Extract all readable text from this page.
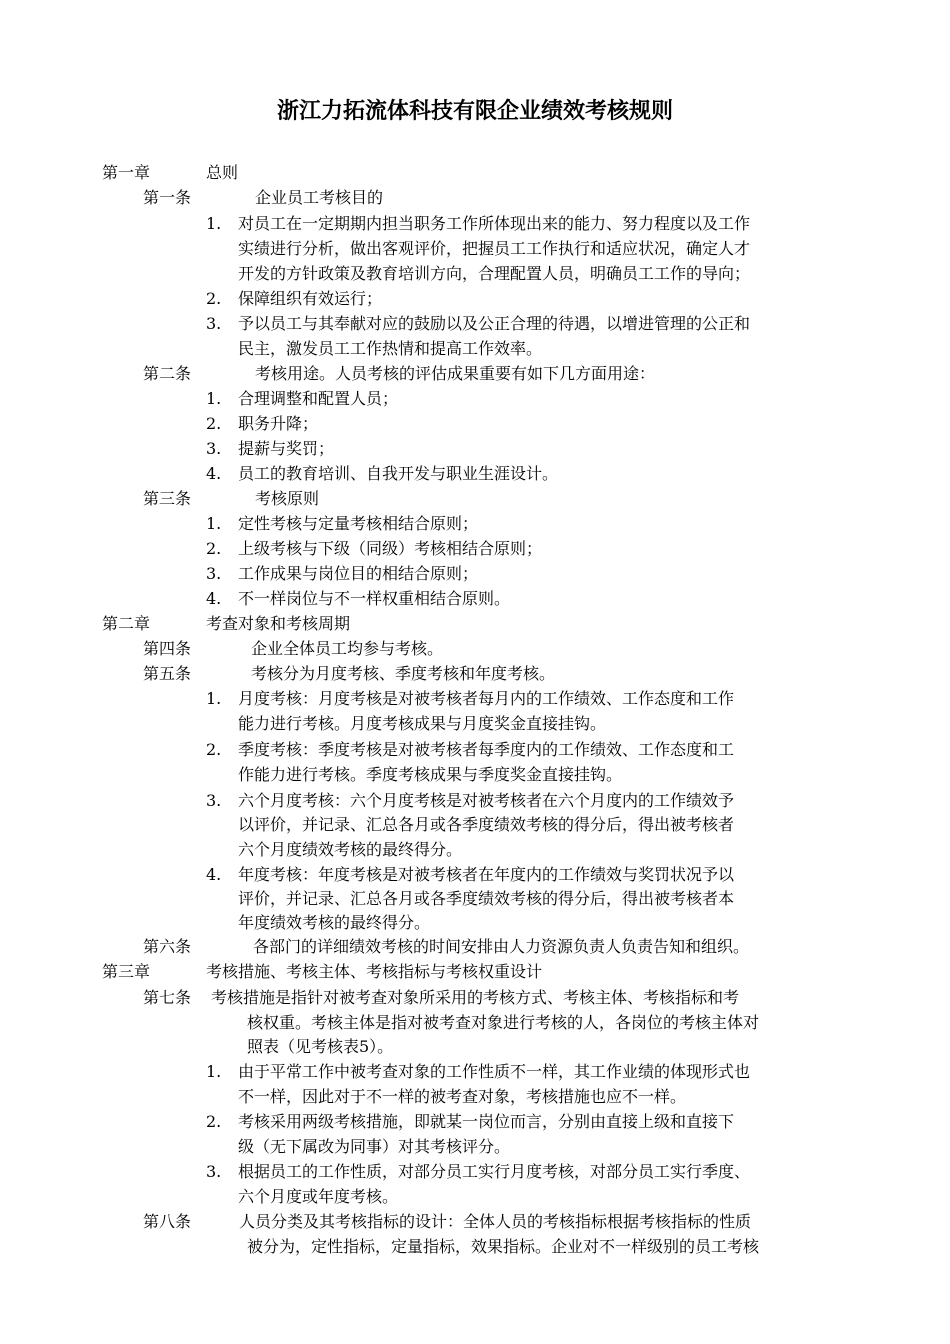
浙江力拓流体科技有限企业绩效考核规则
第一章	总则
第一条	企业员工考核目的
1. 对员工在一定期期内担当职务工作所体现出来的能力、努力程度以及工作
实绩进行分析，做出客观评价，把握员工工作执行和适应状况，确定人才
开发的方针政策及教育培训方向，合理配置人员，明确员工工作的导向；
2. 保障组织有效运行；
3. 予以员工与其奉献对应的鼓励以及公正合理的待遇，以增进管理的公正和
民主，激发员工工作热情和提高工作效率。
第二条	考核用途。人员考核的评估成果重要有如下几方面用途：
1. 合理调整和配置人员；
2. 职务升降；
3. 提薪与奖罚；
4. 员工的教育培训、自我开发与职业生涯设计。
第三条	考核原则
1. 定性考核与定量考核相结合原则；
2. 上级考核与下级（同级）考核相结合原则；
3. 工作成果与岗位目的相结合原则；
4. 不一样岗位与不一样权重相结合原则。
第二章	考查对象和考核周期
第四条	企业全体员工均参与考核。
第五条	考核分为月度考核、季度考核和年度考核。
1. 月度考核：月度考核是对被考核者每月内的工作绩效、工作态度和工作
能力进行考核。月度考核成果与月度奖金直接挂钩。
2. 季度考核：季度考核是对被考核者每季度内的工作绩效、工作态度和工
作能力进行考核。季度考核成果与季度奖金直接挂钩。
3. 六个月度考核：六个月度考核是对被考核者在六个月度内的工作绩效予
以评价，并记录、汇总各月或各季度绩效考核的得分后，得出被考核者
六个月度绩效考核的最终得分。
4. 年度考核：年度考核是对被考核者在年度内的工作绩效与奖罚状况予以
评价，并记录、汇总各月或各季度绩效考核的得分后，得出被考核者本
年度绩效考核的最终得分。
第六条	各部门的详细绩效考核的时间安排由人力资源负责人负责告知和组织。
第三章	考核措施、考核主体、考核指标与考核权重设计
第七条 考核措施是指针对被考查对象所采用的考核方式、考核主体、考核指标和考
核权重。考核主体是指对被考查对象进行考核的人，各岗位的考核主体对
照表（见考核表5）。
1. 由于平常工作中被考查对象的工作性质不一样，其工作业绩的体现形式也
不一样，因此对于不一样的被考查对象，考核措施也应不一样。
2. 考核采用两级考核措施，即就某一岗位而言，分别由直接上级和直接下
级（无下属改为同事）对其考核评分。
3. 根据员工的工作性质，对部分员工实行月度考核，对部分员工实行季度、
六个月度或年度考核。
第八条	人员分类及其考核指标的设计：全体人员的考核指标根据考核指标的性质
被分为，定性指标，定量指标，效果指标。企业对不一样级别的员工考核
